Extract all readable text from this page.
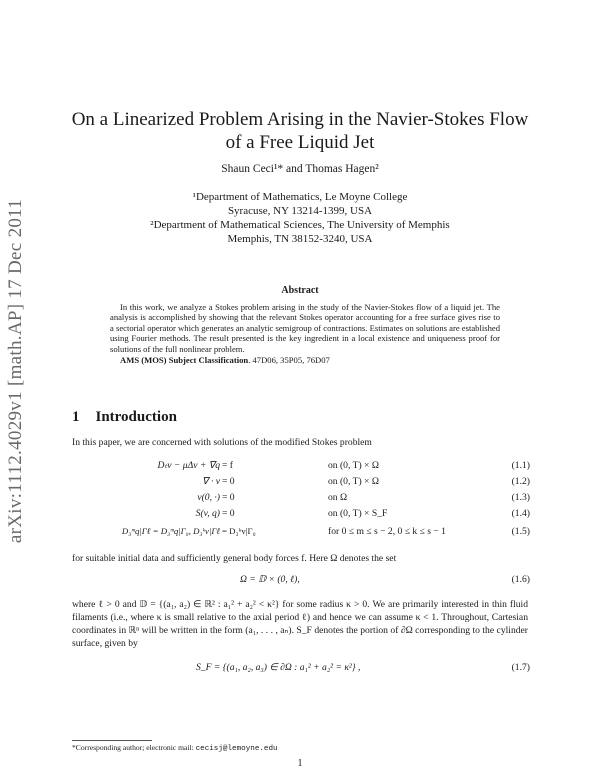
arXiv:1112.4029v1 [math.AP] 17 Dec 2011
On a Linearized Problem Arising in the Navier-Stokes Flow of a Free Liquid Jet
Shaun Ceci¹* and Thomas Hagen²
¹Department of Mathematics, Le Moyne College
Syracuse, NY 13214-1399, USA
²Department of Mathematical Sciences, The University of Memphis
Memphis, TN 38152-3240, USA
Abstract

In this work, we analyze a Stokes problem arising in the study of the Navier-Stokes flow of a liquid jet. The analysis is accomplished by showing that the relevant Stokes operator accounting for a free surface gives rise to a sectorial operator which generates an analytic semigroup of contractions. Estimates on solutions are established using Fourier methods. The result presented is the key ingredient in a local existence and uniqueness proof for solutions of the full nonlinear problem.

AMS (MOS) Subject Classification. 47D06, 35P05, 76D07
1 Introduction
In this paper, we are concerned with solutions of the modified Stokes problem
Dₜv − μΔv + ∇q = f	on (0, T) × Ω	(1.1)
∇ · v = 0	on (0, T) × Ω	(1.2)
v(0, ·) = 0	on Ω	(1.3)
S(v, q) = 0	on (0, T) × S_F	(1.4)
D₃ᵐq|Γℓ = D₃ᵐq|Γ₀, D₃ᵏv|Γℓ = D₃ᵏv|Γ₀	for 0 ≤ m ≤ s − 2, 0 ≤ k ≤ s − 1	(1.5)
for suitable initial data and sufficiently general body forces f. Here Ω denotes the set
Ω = 𝔻 × (0, ℓ),	(1.6)
where ℓ > 0 and 𝔻 = {(a₁, a₂) ∈ ℝ² : a₁² + a₂² < κ²} for some radius κ > 0. We are primarily interested in thin fluid filaments (i.e., where κ is small relative to the axial period ℓ) and hence we can assume κ < 1. Throughout, Cartesian coordinates in ℝⁿ will be written in the form (a₁, . . . , aₙ). S_F denotes the portion of ∂Ω corresponding to the cylinder surface, given by
S_F = {(a₁, a₂, a₃) ∈ ∂Ω : a₁² + a₂² = κ²} ,	(1.7)
*Corresponding author; electronic mail: cecisj@lemoyne.edu
1
